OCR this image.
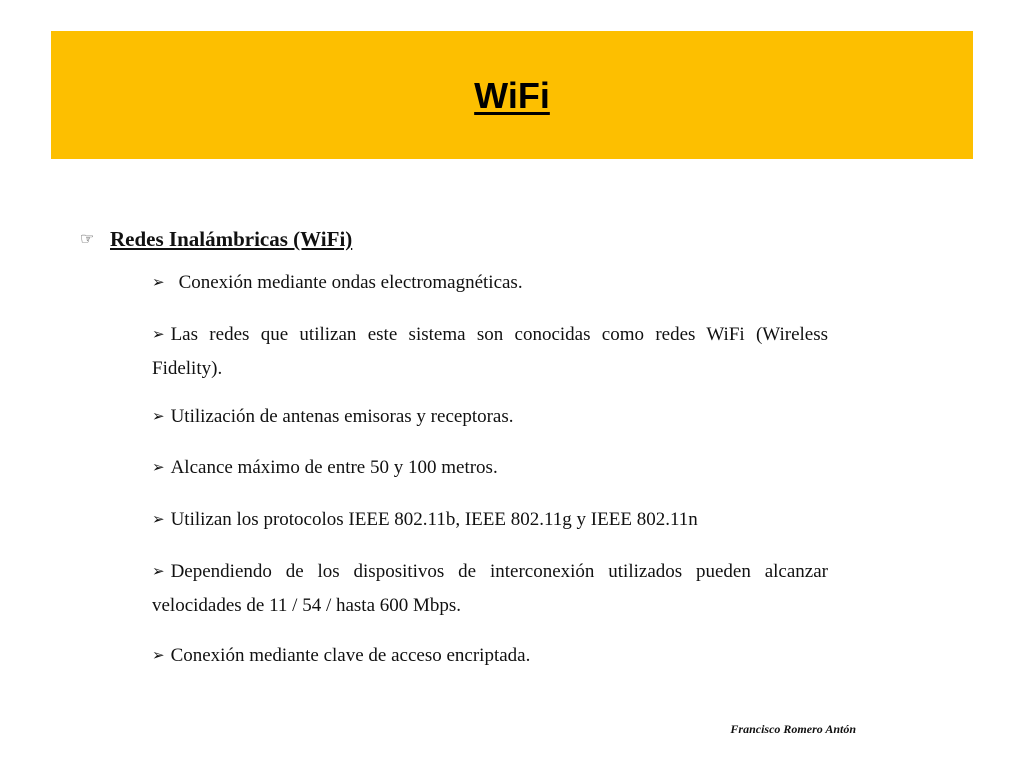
WiFi
☞ Redes Inalámbricas (WiFi)
➢ Conexión mediante ondas electromagnéticas.
➢ Las redes que utilizan este sistema son conocidas como redes WiFi (Wireless Fidelity).
➢ Utilización de antenas emisoras y receptoras.
➢ Alcance máximo de entre 50 y 100 metros.
➢ Utilizan los protocolos IEEE 802.11b, IEEE 802.11g y IEEE 802.11n
➢ Dependiendo de los dispositivos de interconexión utilizados pueden alcanzar velocidades de 11 / 54 / hasta 600 Mbps.
➢ Conexión mediante clave de acceso encriptada.
Francisco Romero Antón
